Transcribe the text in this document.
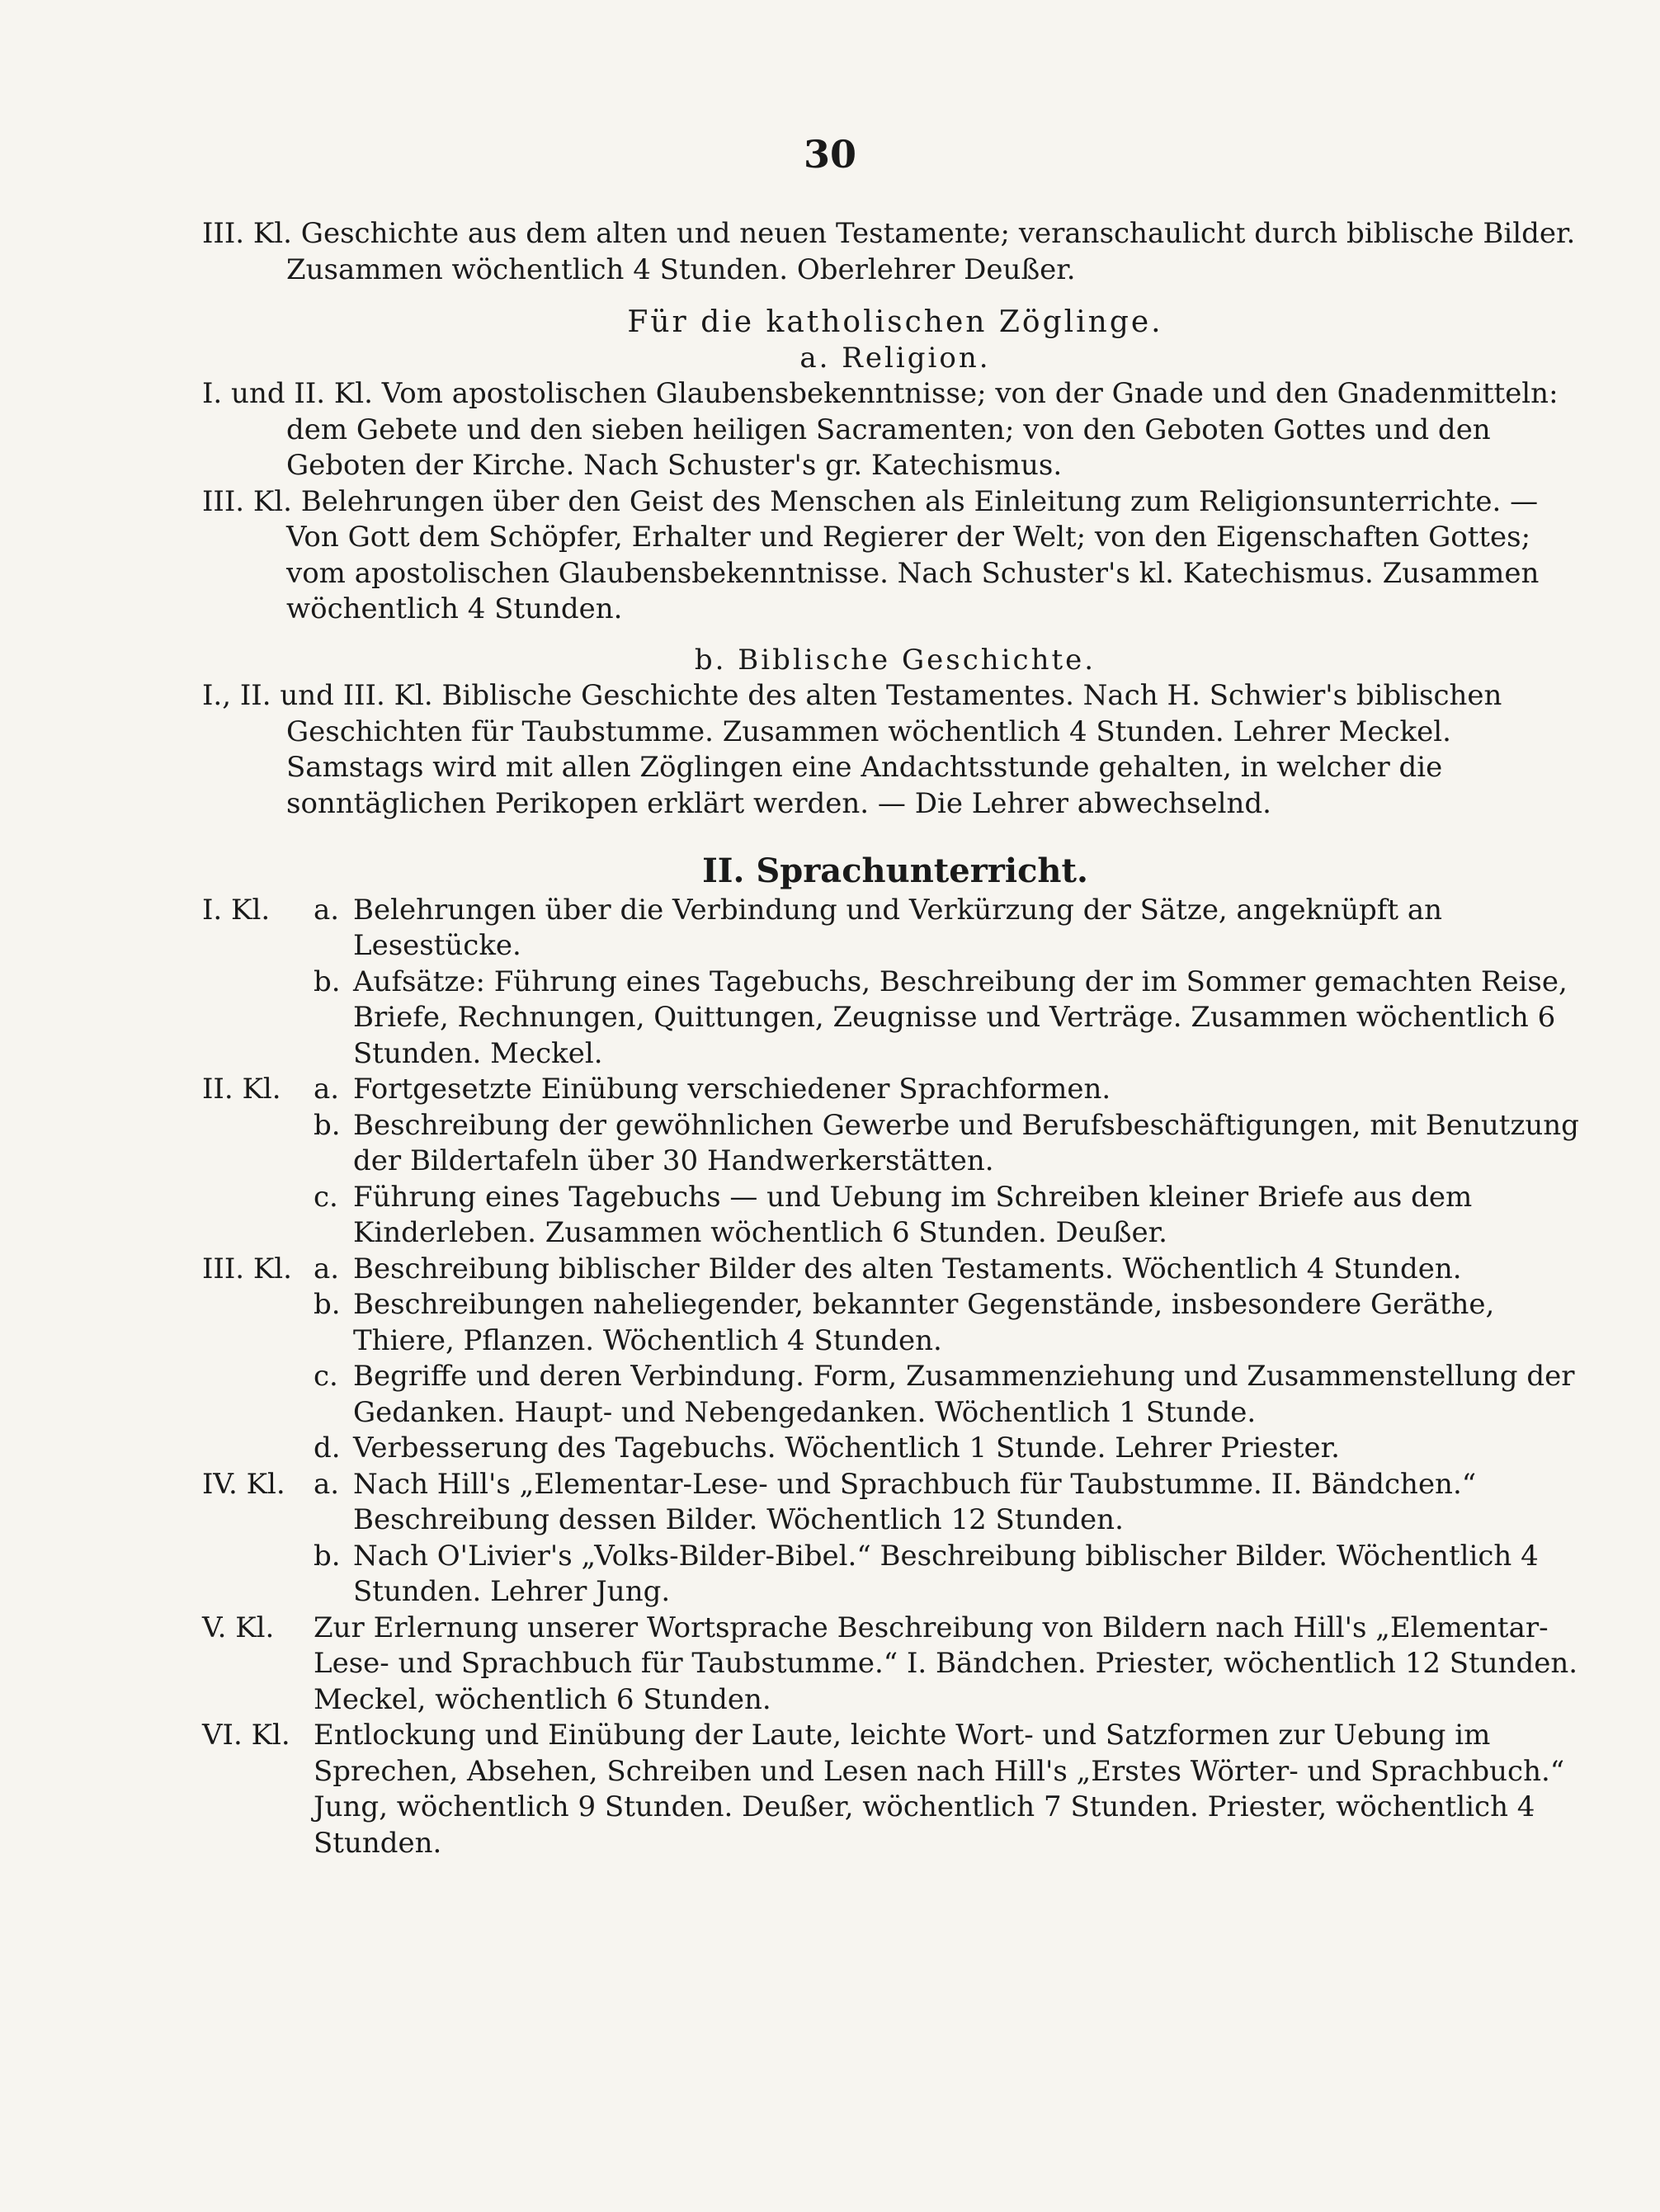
30
III. Kl. Geschichte aus dem alten und neuen Testamente; veranschaulicht durch biblische Bilder.
Zusammen wöchentlich 4 Stunden. Oberlehrer Deußer.
Für die katholischen Zöglinge.
a. Religion.
I. und II. Kl. Vom apostolischen Glaubensbekenntnisse; von der Gnade und den Gnadenmitteln: dem Gebete und den sieben heiligen Sacramenten; von den Geboten Gottes und den Geboten der Kirche. Nach Schuster's gr. Katechismus.
III. Kl. Belehrungen über den Geist des Menschen als Einleitung zum Religionsunterrichte. — Von Gott dem Schöpfer, Erhalter und Regierer der Welt; von den Eigenschaften Gottes; vom apostolischen Glaubensbekenntnisse. Nach Schuster's kl. Katechismus. Zusammen wöchentlich 4 Stunden.
b. Biblische Geschichte.
I., II. und III. Kl. Biblische Geschichte des alten Testamentes. Nach H. Schwier's biblischen Geschichten für Taubstumme. Zusammen wöchentlich 4 Stunden. Lehrer Meckel.
Samstags wird mit allen Zöglingen eine Andachtsstunde gehalten, in welcher die sonntäglichen Perikopen erklärt werden. — Die Lehrer abwechselnd.
II. Sprachunterricht.
I. Kl. a. Belehrungen über die Verbindung und Verkürzung der Sätze, angeknüpft an Lesestücke.
b. Aufsätze: Führung eines Tagebuchs, Beschreibung der im Sommer gemachten Reise, Briefe, Rechnungen, Quittungen, Zeugnisse und Verträge. Zusammen wöchentlich 6 Stunden. Meckel.
II. Kl. a. Fortgesetzte Einübung verschiedener Sprachformen.
b. Beschreibung der gewöhnlichen Gewerbe und Berufsbeschäftigungen, mit Benutzung der Bildertafeln über 30 Handwerkerstätten.
c. Führung eines Tagebuchs — und Uebung im Schreiben kleiner Briefe aus dem Kinderleben. Zusammen wöchentlich 6 Stunden. Deußer.
III. Kl. a. Beschreibung biblischer Bilder des alten Testaments. Wöchentlich 4 Stunden.
b. Beschreibungen naheliegender, bekannter Gegenstände, insbesondere Geräthe, Thiere, Pflanzen. Wöchentlich 4 Stunden.
c. Begriffe und deren Verbindung. Form, Zusammenziehung und Zusammenstellung der Gedanken. Haupt- und Nebengedanken. Wöchentlich 1 Stunde.
d. Verbesserung des Tagebuchs. Wöchentlich 1 Stunde. Lehrer Priester.
IV. Kl. a. Nach Hill's „Elementar-Lese- und Sprachbuch für Taubstumme. II. Bändchen.“ Beschreibung dessen Bilder. Wöchentlich 12 Stunden.
b. Nach O'Livier's „Volks-Bilder-Bibel.“ Beschreibung biblischer Bilder. Wöchentlich 4 Stunden. Lehrer Jung.
V. Kl.	Zur Erlernung unserer Wortsprache Beschreibung von Bildern nach Hill's „Elementar-Lese- und Sprachbuch für Taubstumme.“ I. Bändchen. Priester, wöchentlich 12 Stunden. Meckel, wöchentlich 6 Stunden.
VI. Kl. Entlockung und Einübung der Laute, leichte Wort- und Satzformen zur Uebung im Sprechen, Absehen, Schreiben und Lesen nach Hill's „Erstes Wörter- und Sprachbuch.“ Jung, wöchentlich 9 Stunden. Deußer, wöchentlich 7 Stunden. Priester, wöchentlich 4 Stunden.
